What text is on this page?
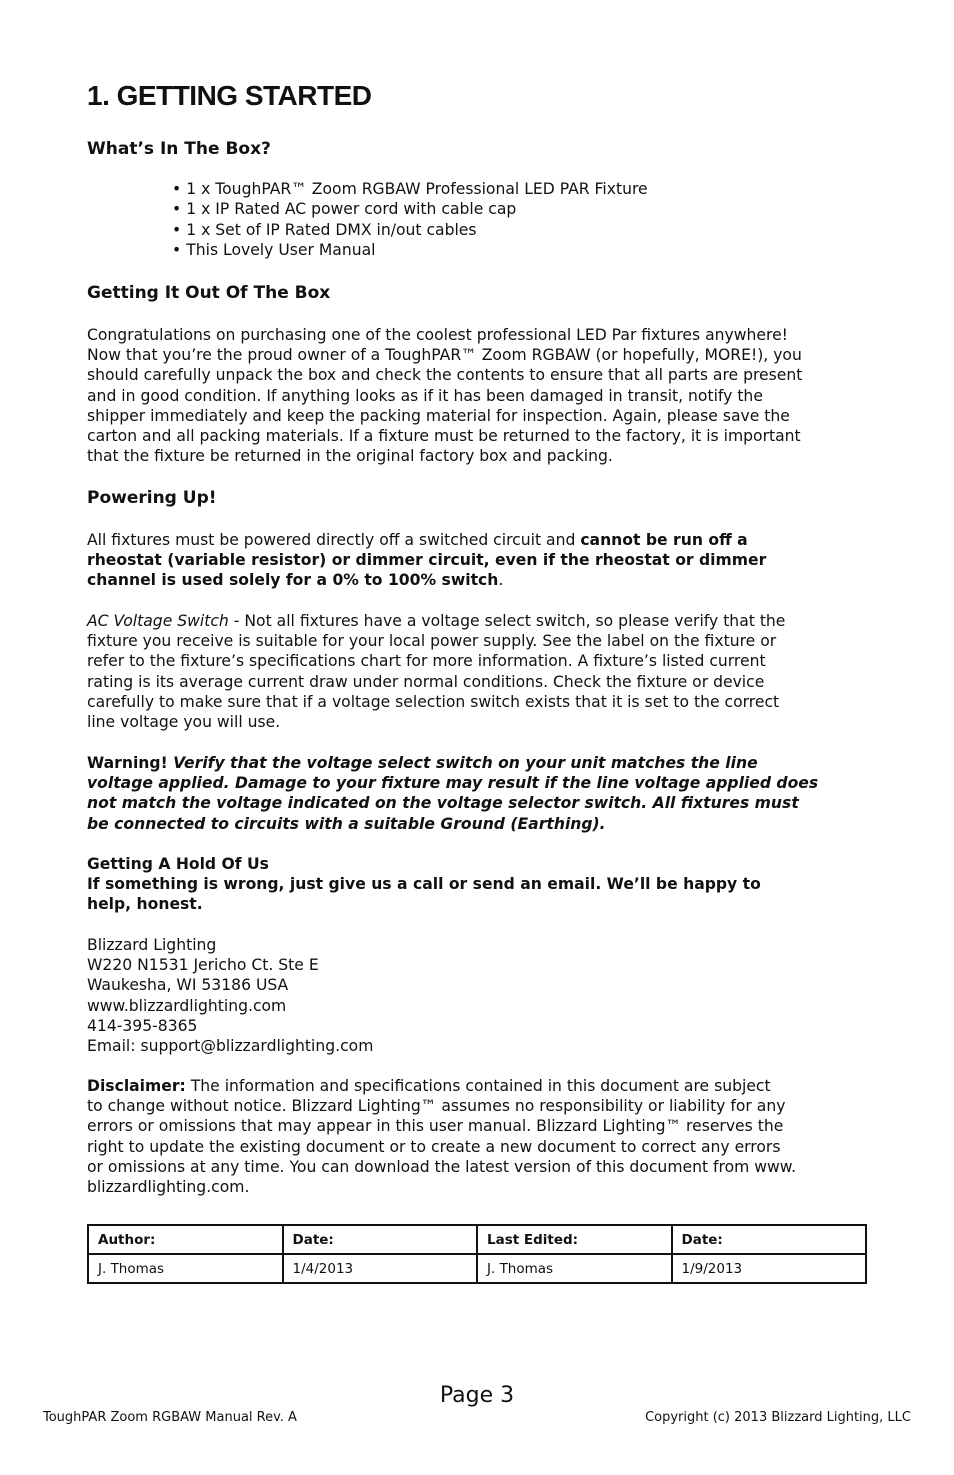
1. GETTING STARTED
What’s In The Box?
• 1 x ToughPAR™ Zoom RGBAW Professional LED PAR Fixture
• 1 x IP Rated AC power cord with cable cap
• 1 x Set of IP Rated DMX in/out cables
• This Lovely User Manual
Getting It Out Of The Box

Congratulations on purchasing one of the coolest professional LED Par fixtures anywhere!
Now that you’re the proud owner of a ToughPAR™ Zoom RGBAW (or hopefully, MORE!), you
should carefully unpack the box and check the contents to ensure that all parts are present
and in good condition. If anything looks as if it has been damaged in transit, notify the
shipper immediately and keep the packing material for inspection. Again, please save the
carton and all packing materials. If a fixture must be returned to the factory, it is important
that the fixture be returned in the original factory box and packing.

Powering Up!

All fixtures must be powered directly off a switched circuit and cannot be run off a
rheostat (variable resistor) or dimmer circuit, even if the rheostat or dimmer
channel is used solely for a 0% to 100% switch.

AC Voltage Switch - Not all fixtures have a voltage select switch, so please verify that the
fixture you receive is suitable for your local power supply. See the label on the fixture or
refer to the fixture’s specifications chart for more information. A fixture’s listed current
rating is its average current draw under normal conditions. Check the fixture or device
carefully to make sure that if a voltage selection switch exists that it is set to the correct
line voltage you will use.

Warning! Verify that the voltage select switch on your unit matches the line
voltage applied. Damage to your fixture may result if the line voltage applied does
not match the voltage indicated on the voltage selector switch. All fixtures must
be connected to circuits with a suitable Ground (Earthing).

Getting A Hold Of Us
If something is wrong, just give us a call or send an email. We’ll be happy to
help, honest.

Blizzard Lighting
W220 N1531 Jericho Ct. Ste E
Waukesha, WI 53186 USA
www.blizzardlighting.com
414-395-8365
Email: support@blizzardlighting.com

Disclaimer: The information and specifications contained in this document are subject
to change without notice. Blizzard Lighting™ assumes no responsibility or liability for any
errors or omissions that may appear in this user manual. Blizzard Lighting™ reserves the
right to update the existing document or to create a new document to correct any errors
or omissions at any time. You can download the latest version of this document from www.
blizzardlighting.com.

Author:	Date:	Last Edited:	Date:
J. Thomas	1/4/2013	J. Thomas	1/9/2013
Page 3
ToughPAR Zoom RGBAW Manual Rev. A	Copyright (c) 2013 Blizzard Lighting, LLC
